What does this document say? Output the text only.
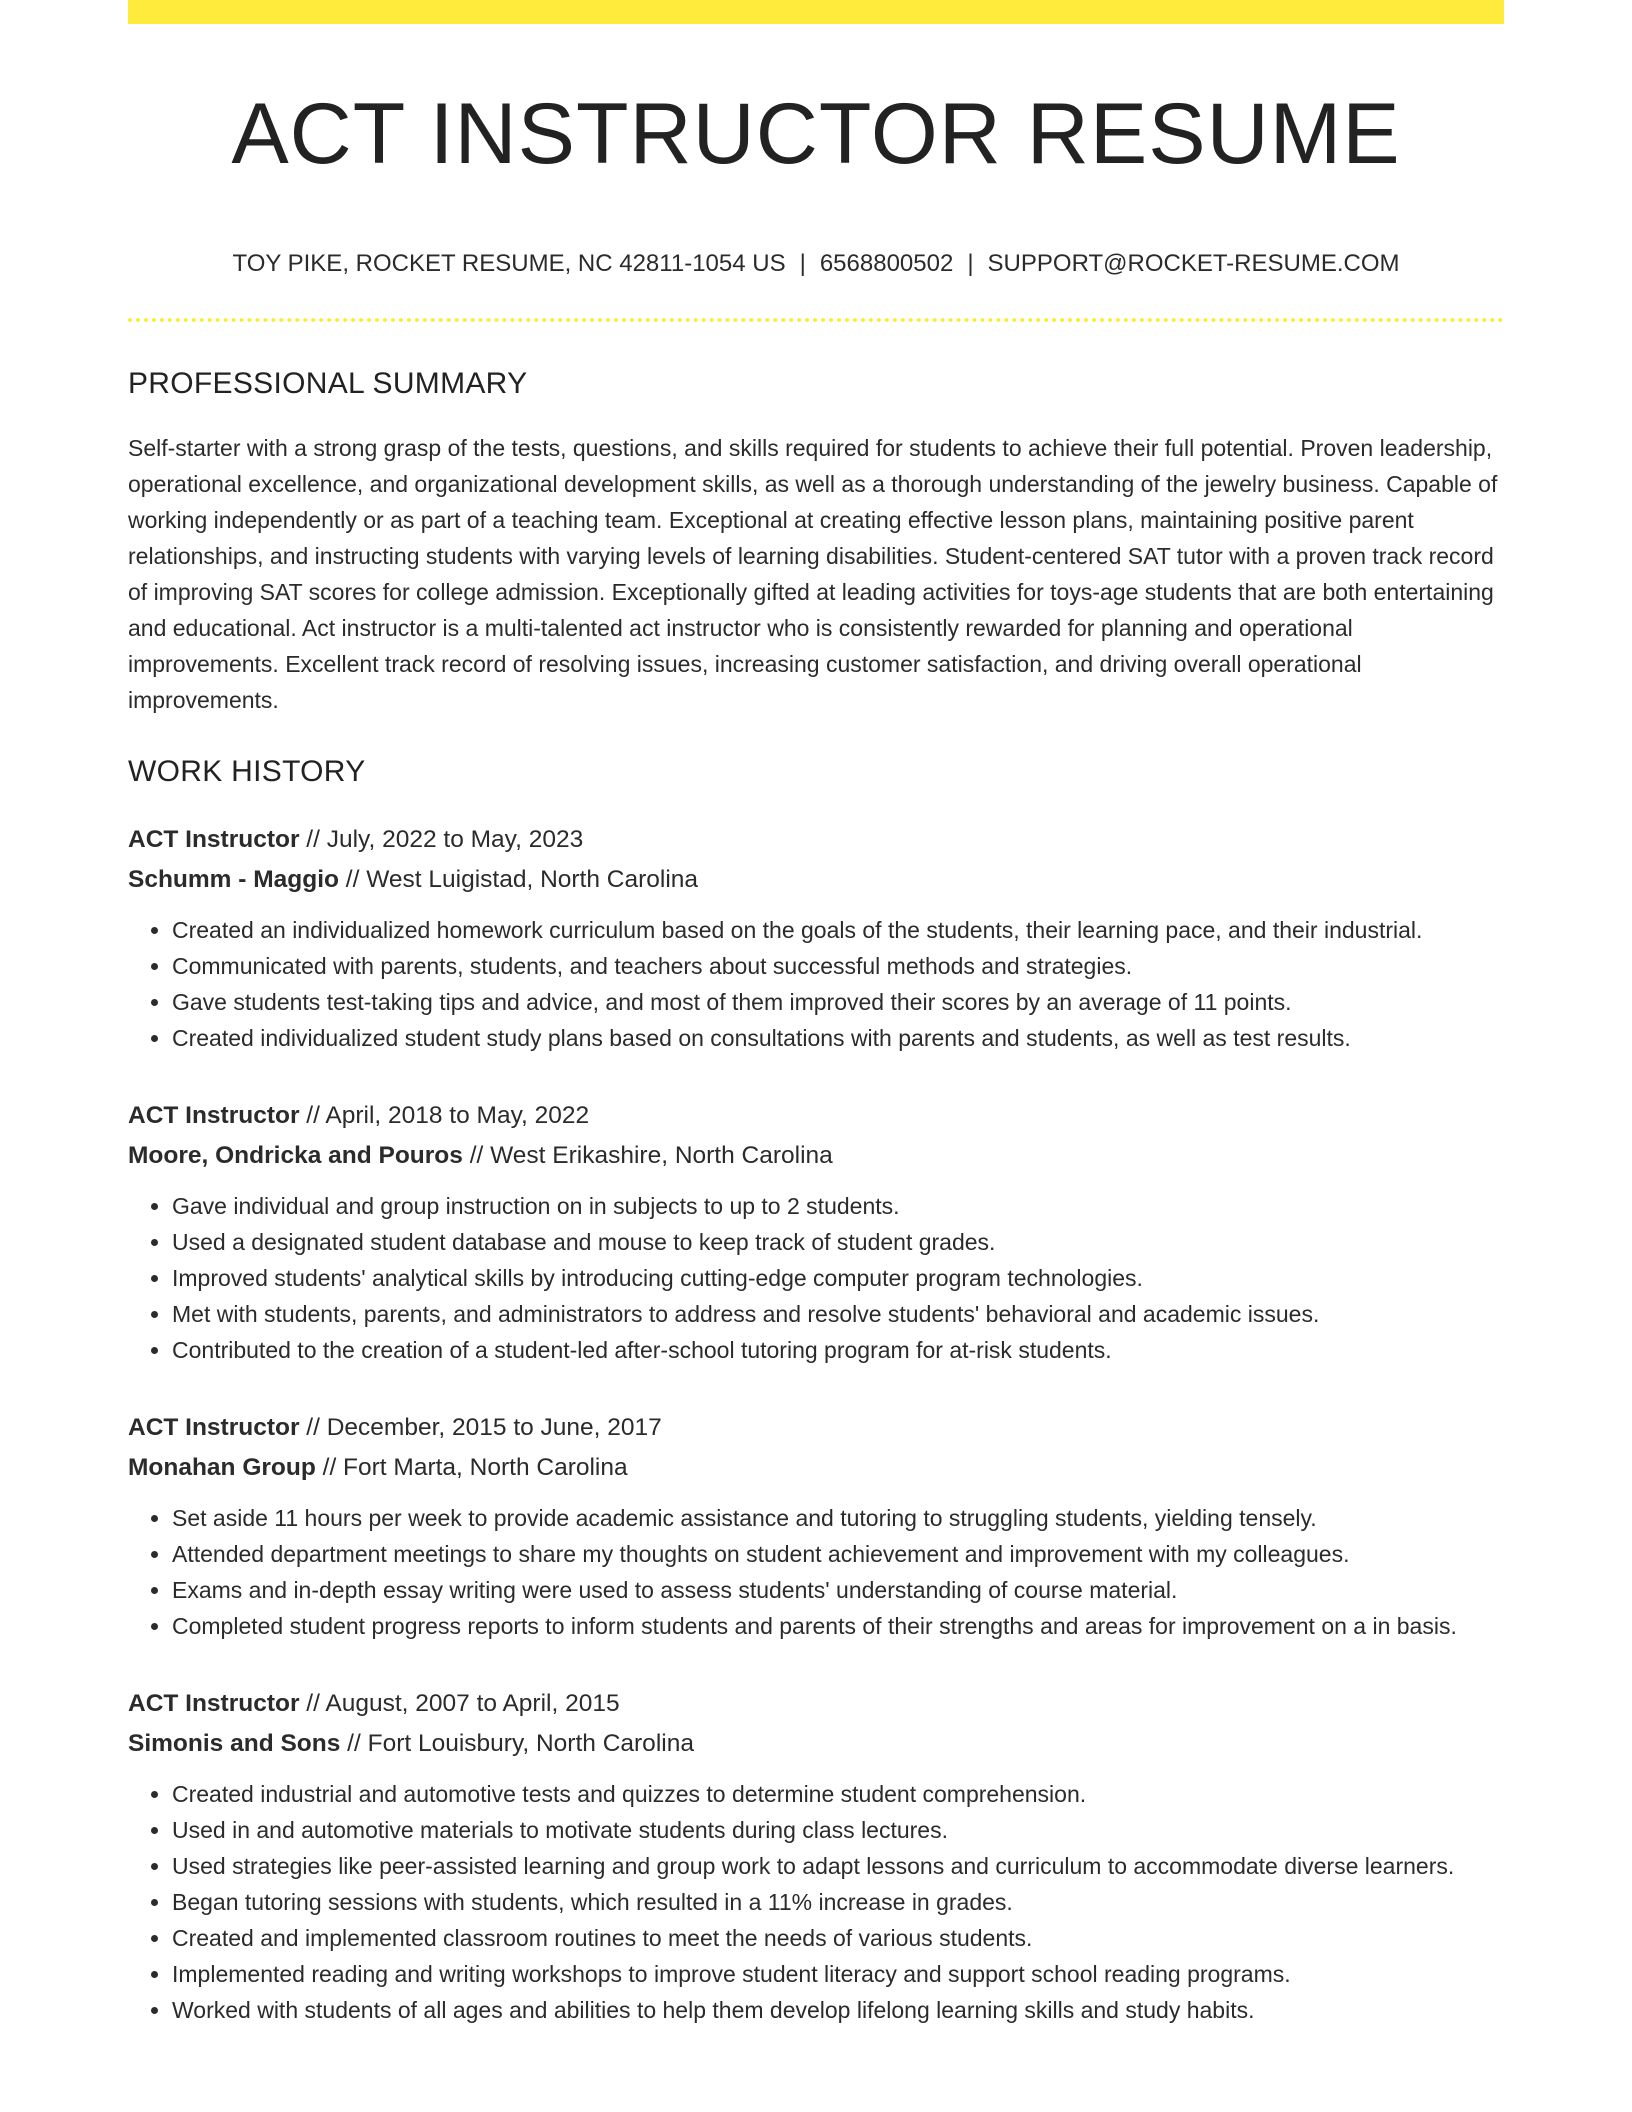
ACT INSTRUCTOR RESUME
TOY PIKE, ROCKET RESUME, NC 42811-1054 US | 6568800502 | SUPPORT@ROCKET-RESUME.COM
PROFESSIONAL SUMMARY

Self-starter with a strong grasp of the tests, questions, and skills required for students to achieve their full potential. Proven leadership, operational excellence, and organizational development skills, as well as a thorough understanding of the jewelry business. Capable of working independently or as part of a teaching team. Exceptional at creating effective lesson plans, maintaining positive parent relationships, and instructing students with varying levels of learning disabilities. Student-centered SAT tutor with a proven track record of improving SAT scores for college admission. Exceptionally gifted at leading activities for toys-age students that are both entertaining and educational. Act instructor is a multi-talented act instructor who is consistently rewarded for planning and operational improvements. Excellent track record of resolving issues, increasing customer satisfaction, and driving overall operational improvements.

WORK HISTORY
ACT Instructor // July, 2022 to May, 2023
Schumm - Maggio // West Luigistad, North Carolina
• Created an individualized homework curriculum based on the goals of the students, their learning pace, and their industrial.
• Communicated with parents, students, and teachers about successful methods and strategies.
• Gave students test-taking tips and advice, and most of them improved their scores by an average of 11 points.
• Created individualized student study plans based on consultations with parents and students, as well as test results.
ACT Instructor // April, 2018 to May, 2022
Moore, Ondricka and Pouros // West Erikashire, North Carolina
• Gave individual and group instruction on in subjects to up to 2 students.
• Used a designated student database and mouse to keep track of student grades.
• Improved students' analytical skills by introducing cutting-edge computer program technologies.
• Met with students, parents, and administrators to address and resolve students' behavioral and academic issues.
• Contributed to the creation of a student-led after-school tutoring program for at-risk students.
ACT Instructor // December, 2015 to June, 2017
Monahan Group // Fort Marta, North Carolina
• Set aside 11 hours per week to provide academic assistance and tutoring to struggling students, yielding tensely.
• Attended department meetings to share my thoughts on student achievement and improvement with my colleagues.
• Exams and in-depth essay writing were used to assess students' understanding of course material.
• Completed student progress reports to inform students and parents of their strengths and areas for improvement on a in basis.
ACT Instructor // August, 2007 to April, 2015
Simonis and Sons // Fort Louisbury, North Carolina
• Created industrial and automotive tests and quizzes to determine student comprehension.
• Used in and automotive materials to motivate students during class lectures.
• Used strategies like peer-assisted learning and group work to adapt lessons and curriculum to accommodate diverse learners.
• Began tutoring sessions with students, which resulted in a 11% increase in grades.
• Created and implemented classroom routines to meet the needs of various students.
• Implemented reading and writing workshops to improve student literacy and support school reading programs.
• Worked with students of all ages and abilities to help them develop lifelong learning skills and study habits.
